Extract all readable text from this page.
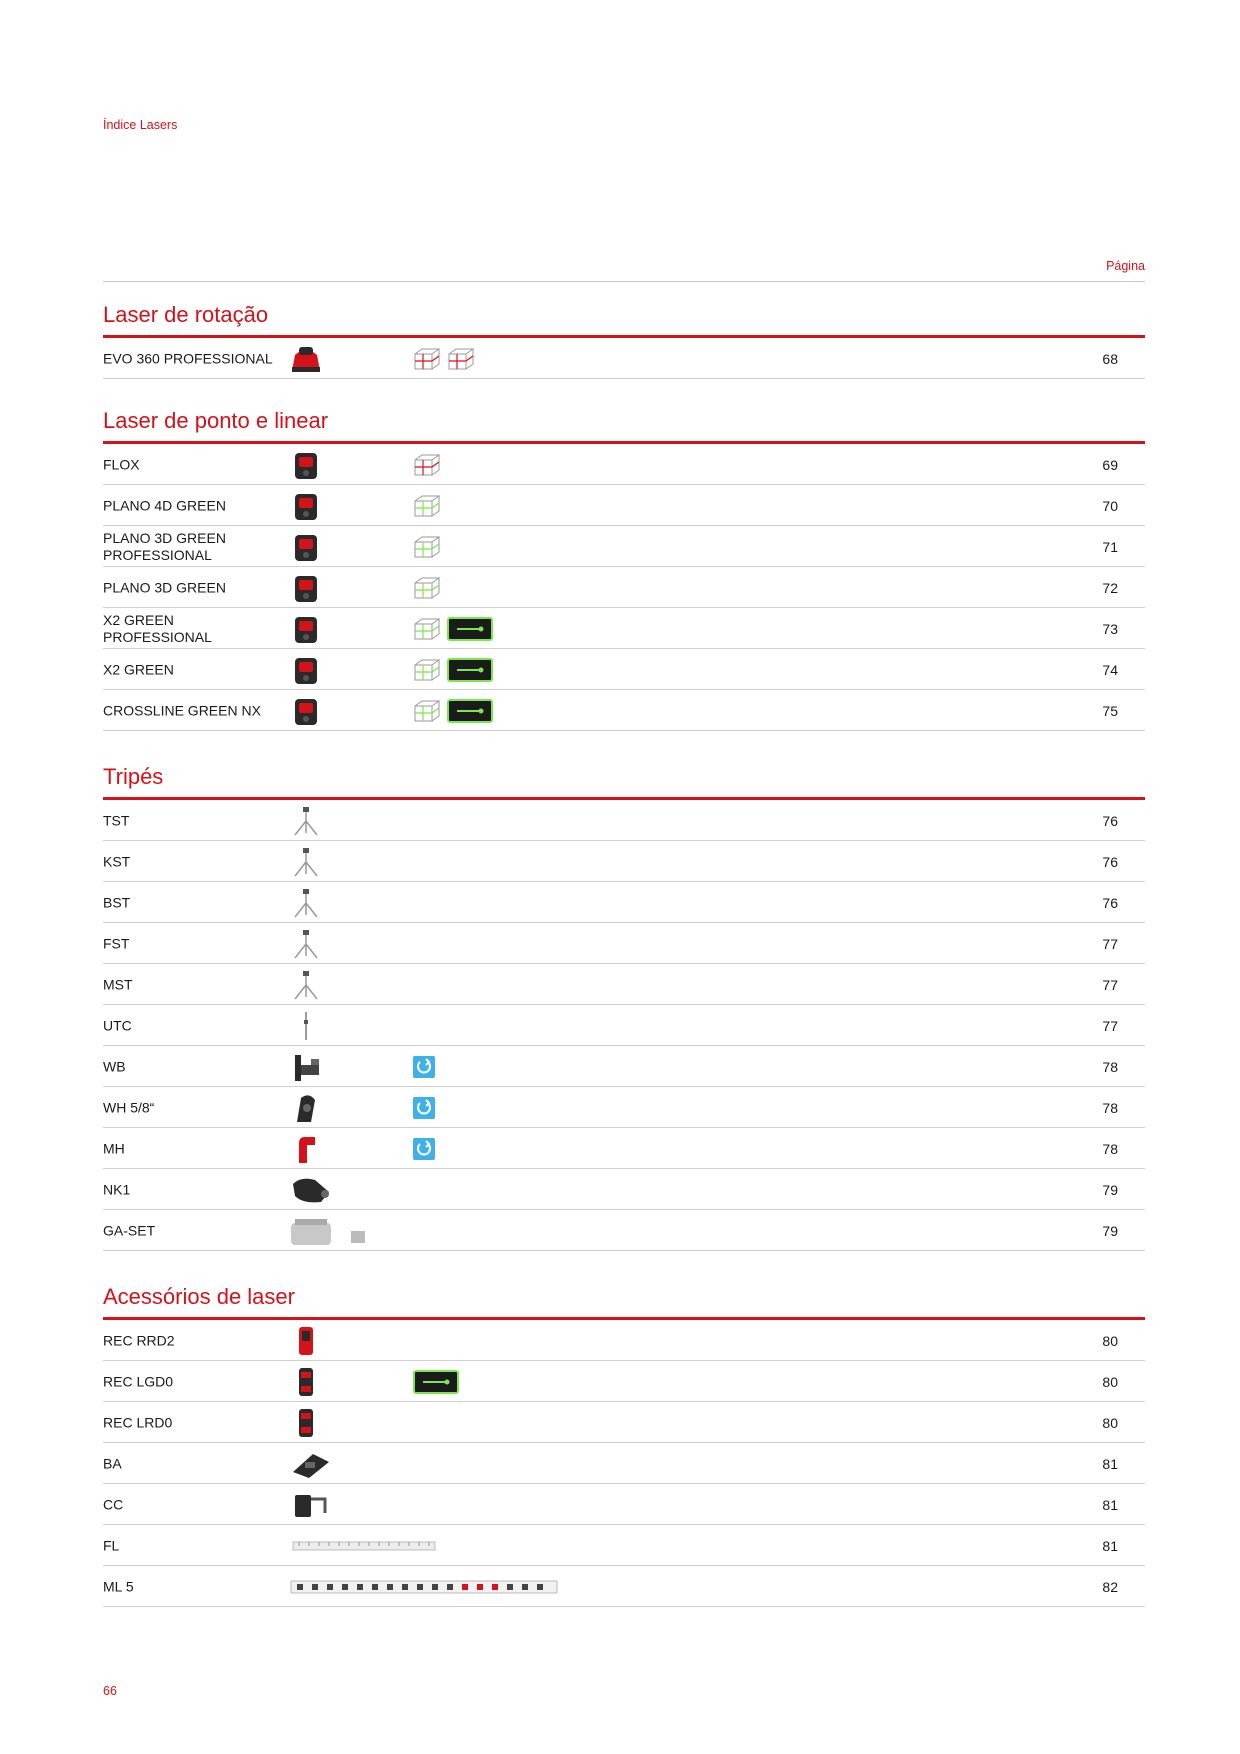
Índice Lasers
Página
Laser de rotação
EVO 360 PROFESSIONAL	68
Laser de ponto e linear
FLOX	69
PLANO 4D GREEN	70
PLANO 3D GREEN
PROFESSIONAL	71
PLANO 3D GREEN	72
X2 GREEN
PROFESSIONAL	73
X2 GREEN	74
CROSSLINE GREEN NX	75
Tripés
TST	76
KST	76
BST	76
FST	77
MST	77
UTC	77
WB	78
WH 5/8“	78
MH	78
NK1	79
GA-SET	79
Acessórios de laser
REC RRD2	80
REC LGD0	80
REC LRD0	80
BA	81
CC	81
FL	81
ML 5	82
66
